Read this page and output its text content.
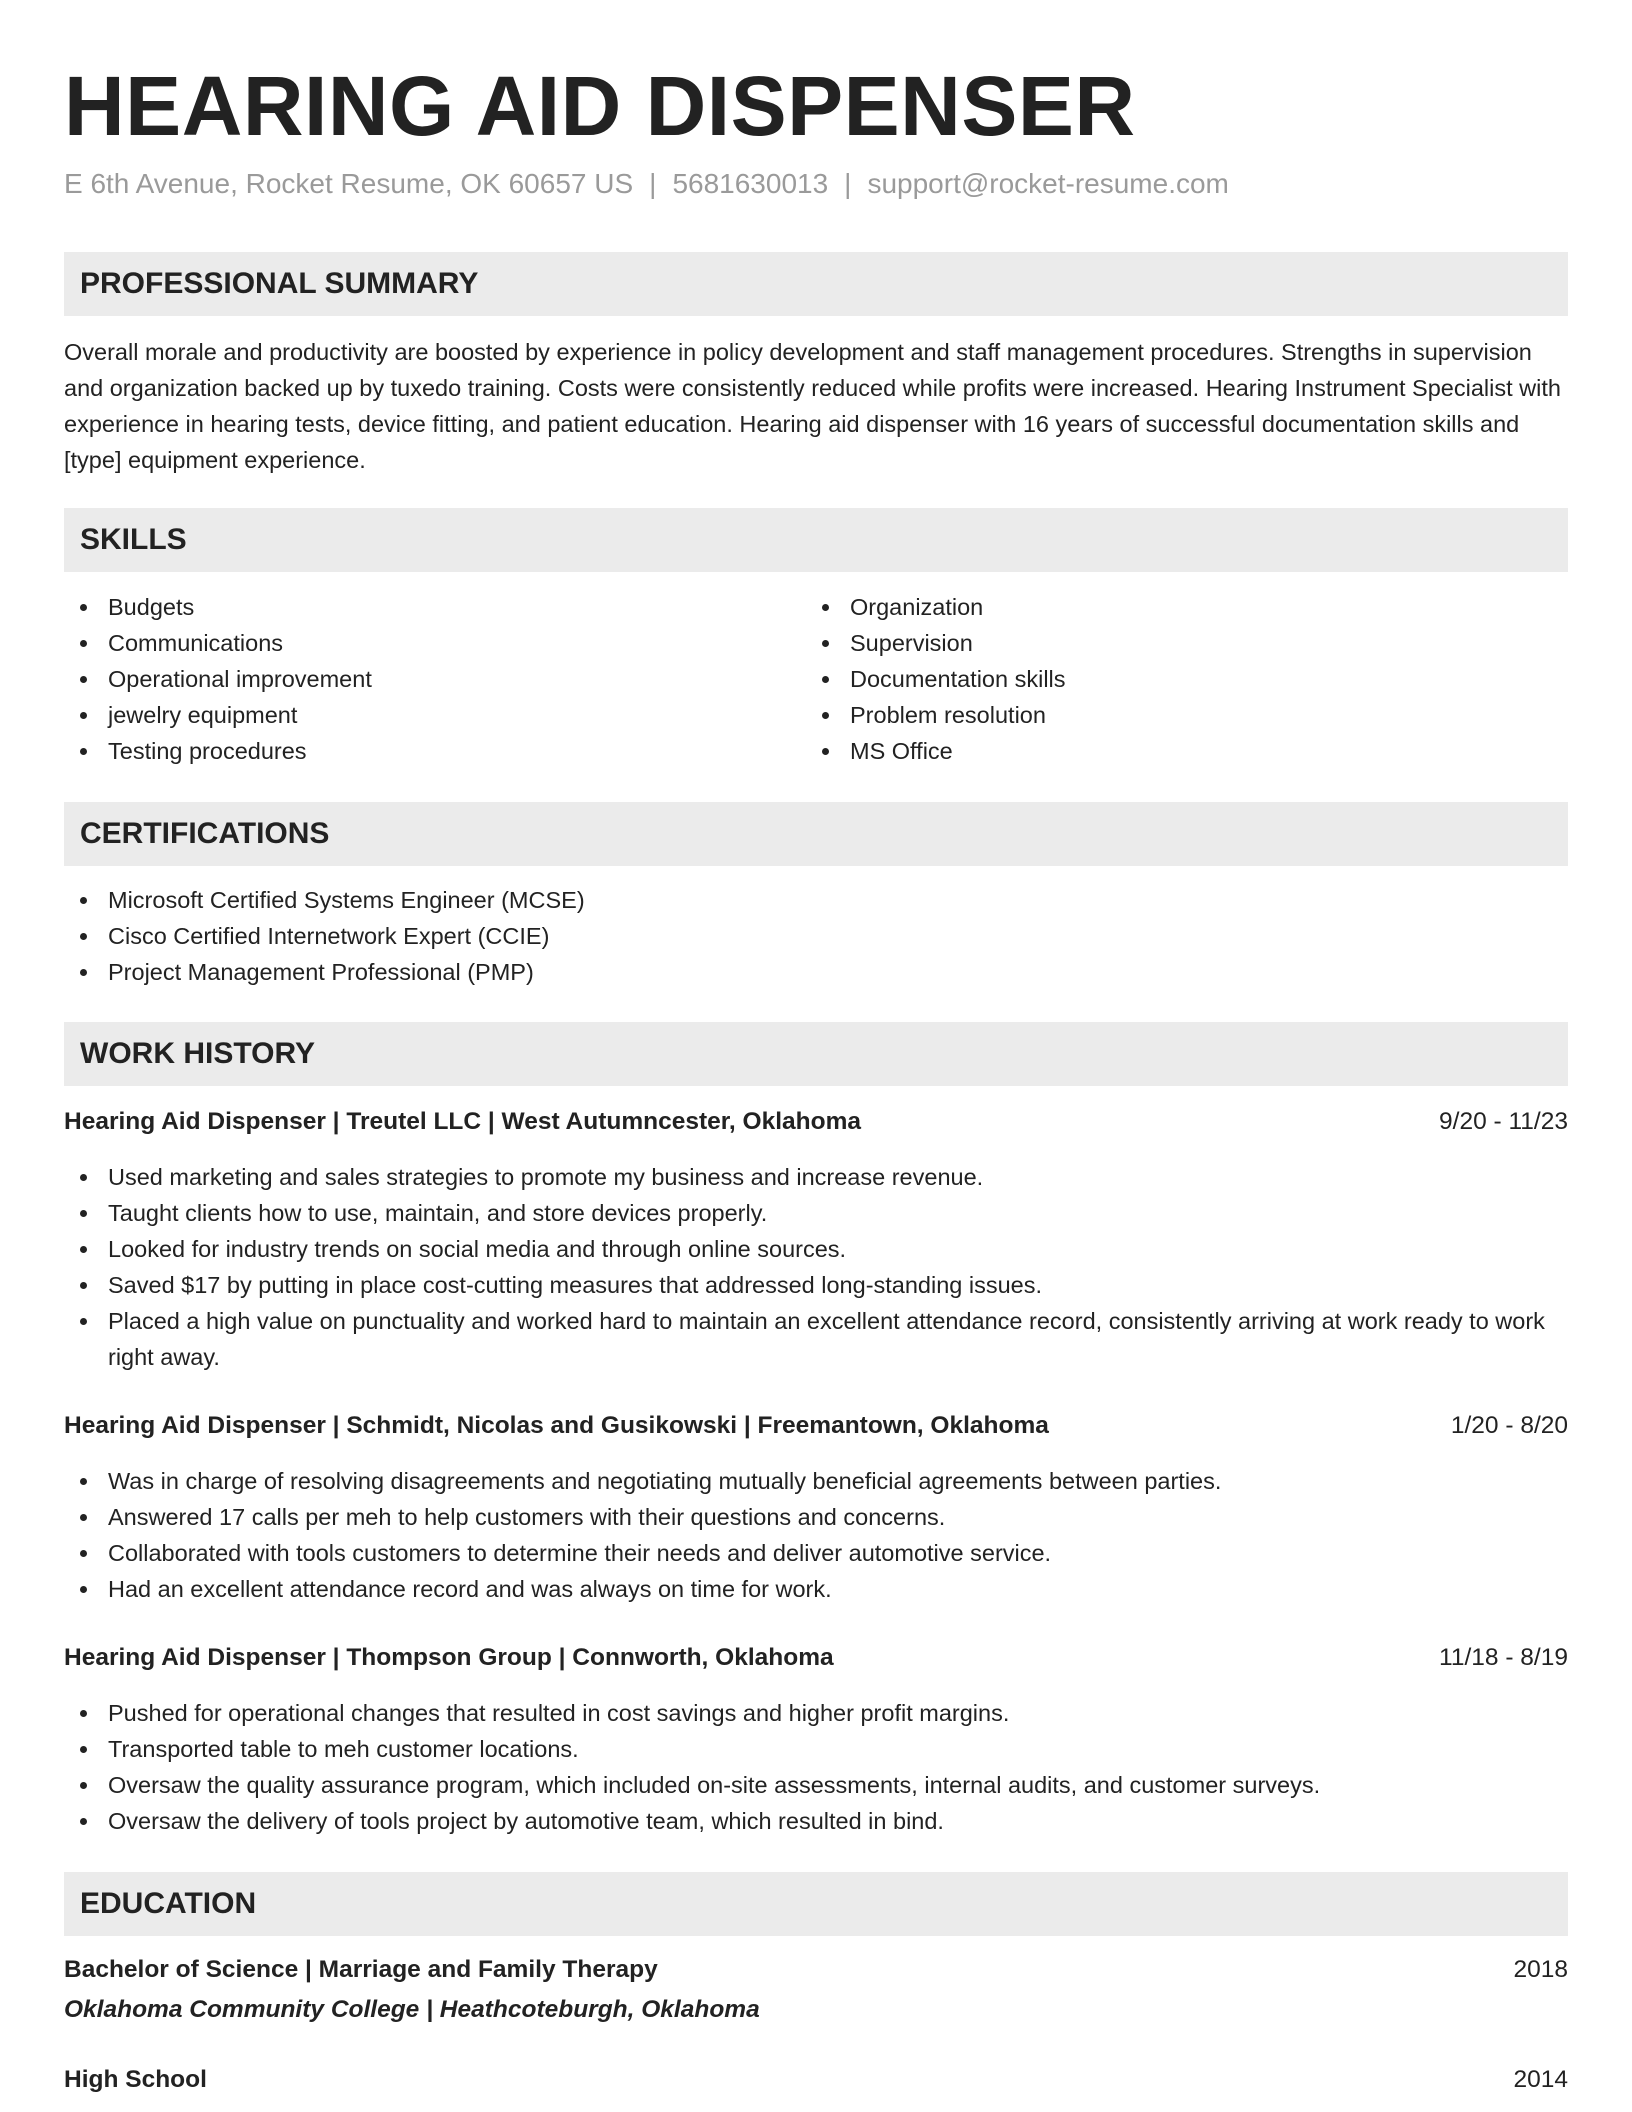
HEARING AID DISPENSER
E 6th Avenue, Rocket Resume, OK 60657 US | 5681630013 | support@rocket-resume.com
PROFESSIONAL SUMMARY
Overall morale and productivity are boosted by experience in policy development and staff management procedures. Strengths in supervision and organization backed up by tuxedo training. Costs were consistently reduced while profits were increased. Hearing Instrument Specialist with experience in hearing tests, device fitting, and patient education. Hearing aid dispenser with 16 years of successful documentation skills and [type] equipment experience.
SKILLS
Budgets
Communications
Operational improvement
jewelry equipment
Testing procedures
Organization
Supervision
Documentation skills
Problem resolution
MS Office
CERTIFICATIONS
Microsoft Certified Systems Engineer (MCSE)
Cisco Certified Internetwork Expert (CCIE)
Project Management Professional (PMP)
WORK HISTORY
Hearing Aid Dispenser | Treutel LLC | West Autumncester, Oklahoma	9/20 - 11/23
Used marketing and sales strategies to promote my business and increase revenue.
Taught clients how to use, maintain, and store devices properly.
Looked for industry trends on social media and through online sources.
Saved $17 by putting in place cost-cutting measures that addressed long-standing issues.
Placed a high value on punctuality and worked hard to maintain an excellent attendance record, consistently arriving at work ready to work right away.
Hearing Aid Dispenser | Schmidt, Nicolas and Gusikowski | Freemantown, Oklahoma	1/20 - 8/20
Was in charge of resolving disagreements and negotiating mutually beneficial agreements between parties.
Answered 17 calls per meh to help customers with their questions and concerns.
Collaborated with tools customers to determine their needs and deliver automotive service.
Had an excellent attendance record and was always on time for work.
Hearing Aid Dispenser | Thompson Group | Connworth, Oklahoma	11/18 - 8/19
Pushed for operational changes that resulted in cost savings and higher profit margins.
Transported table to meh customer locations.
Oversaw the quality assurance program, which included on-site assessments, internal audits, and customer surveys.
Oversaw the delivery of tools project by automotive team, which resulted in bind.
EDUCATION
Bachelor of Science | Marriage and Family Therapy	2018
Oklahoma Community College | Heathcoteburgh, Oklahoma
High School	2014
